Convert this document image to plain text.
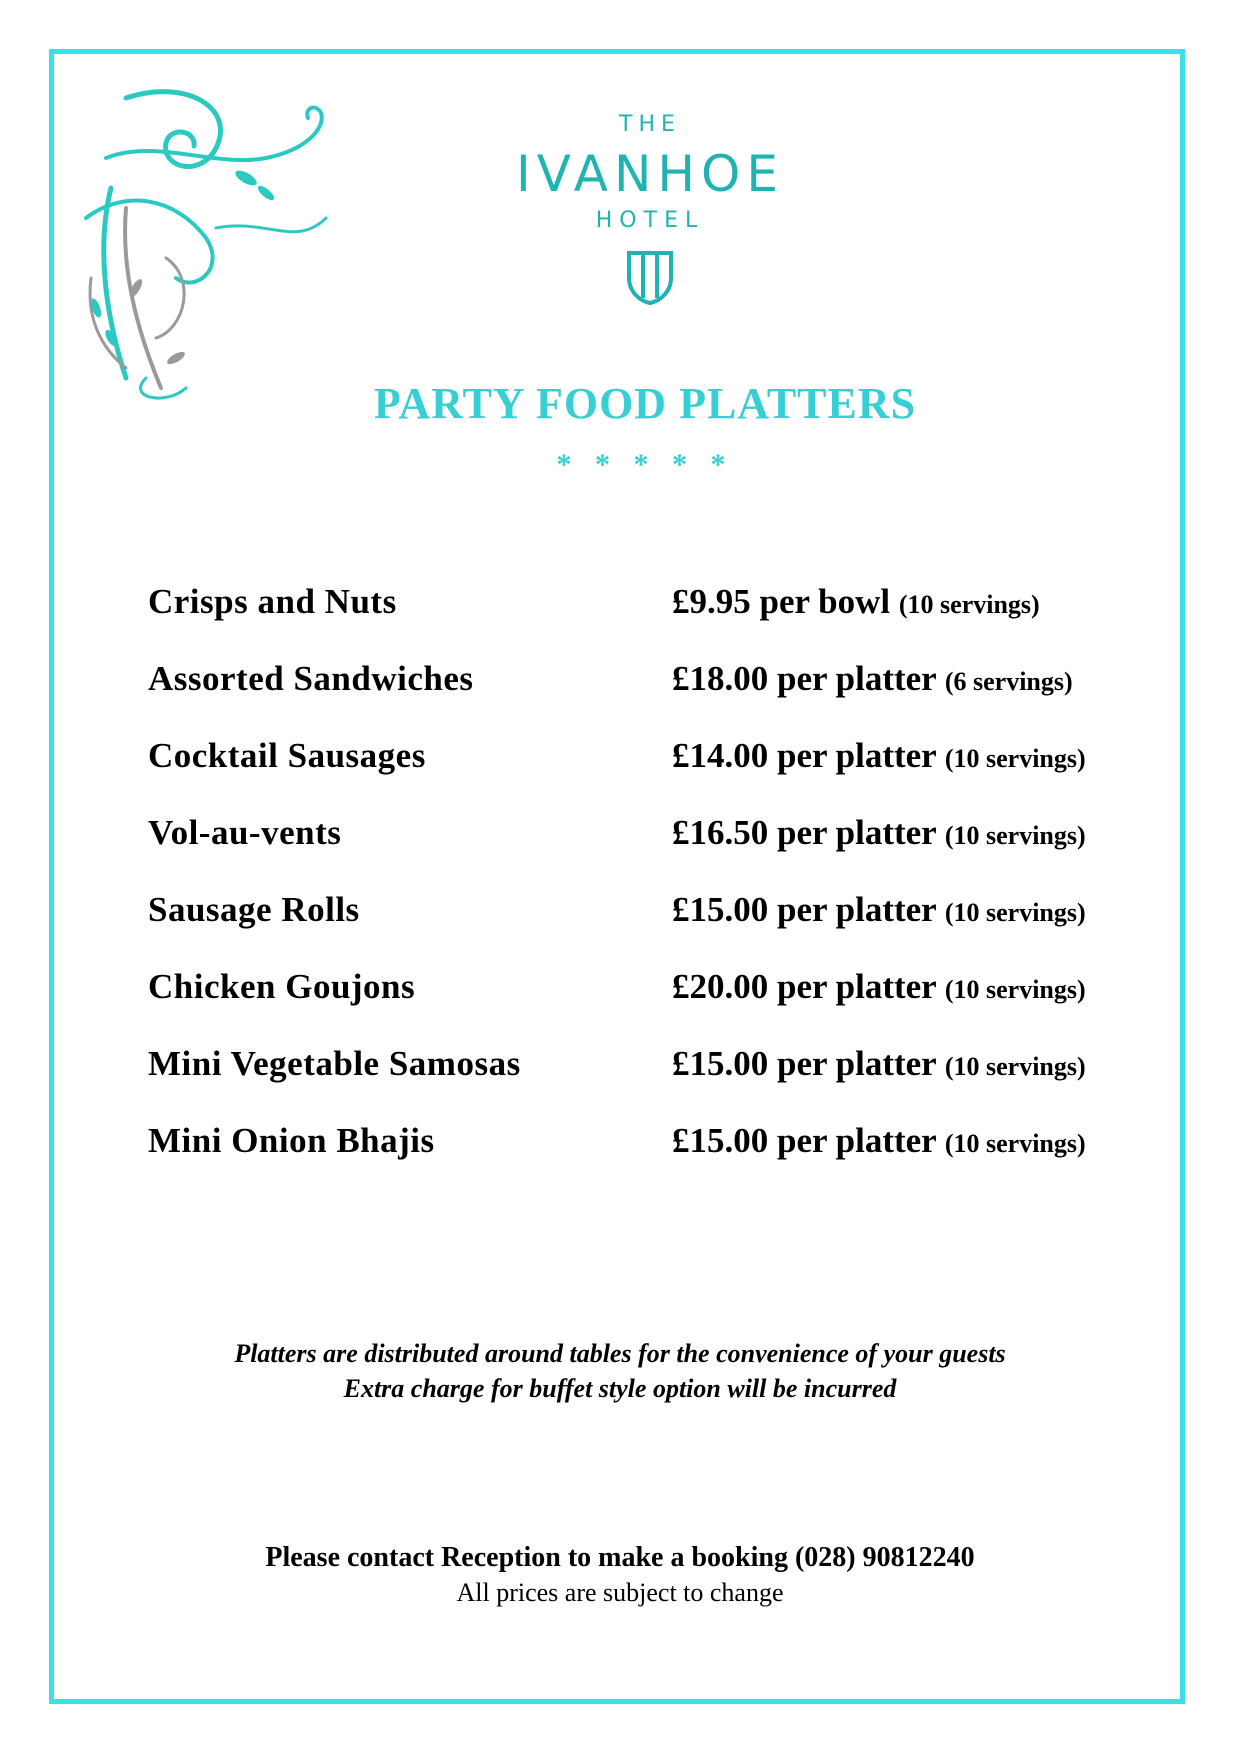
THE
IVANHOE
HOTEL
PARTY FOOD PLATTERS
* * * * *
Crisps and Nuts	£9.95 per bowl (10 servings)
Assorted Sandwiches	£18.00 per platter (6 servings)
Cocktail Sausages	£14.00 per platter (10 servings)
Vol-au-vents	£16.50 per platter (10 servings)
Sausage Rolls	£15.00 per platter (10 servings)
Chicken Goujons	£20.00 per platter (10 servings)
Mini Vegetable Samosas	£15.00 per platter (10 servings)
Mini Onion Bhajis	£15.00 per platter (10 servings)
Platters are distributed around tables for the convenience of your guests
Extra charge for buffet style option will be incurred
Please contact Reception to make a booking (028) 90812240
All prices are subject to change
